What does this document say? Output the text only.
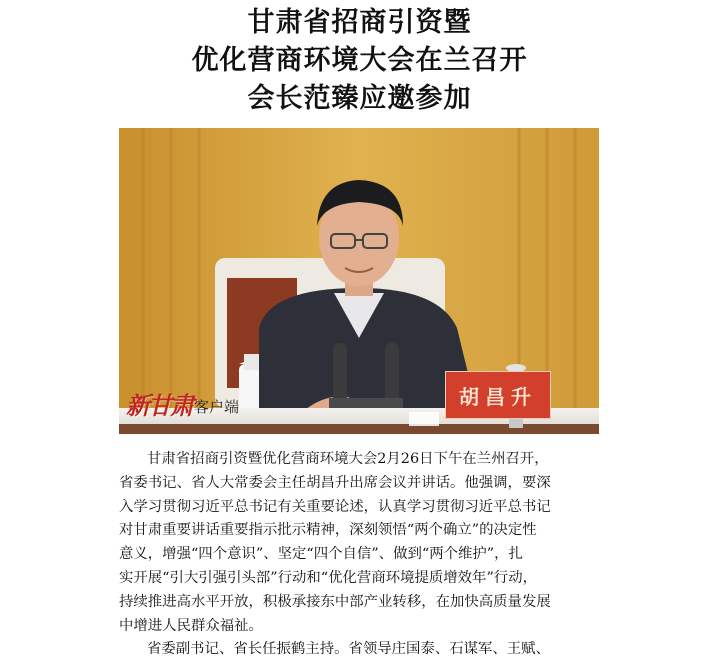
甘肃省招商引资暨
优化营商环境大会在兰召开
会长范臻应邀参加
胡昌升
新甘肃 客户端

甘肃省招商引资暨优化营商环境大会2月26日下午在兰州召开，
省委书记、省人大常委会主任胡昌升出席会议并讲话。他强调，要深
入学习贯彻习近平总书记有关重要论述，认真学习贯彻习近平总书记
对甘肃重要讲话重要指示批示精神，深刻领悟“两个确立”的决定性
意义，增强“四个意识”、坚定“四个自信”、做到“两个维护”，扎
实开展“引大引强引头部”行动和“优化营商环境提质增效年”行动，
持续推进高水平开放，积极承接东中部产业转移，在加快高质量发展
中增进人民群众福祉。

省委副书记、省长任振鹤主持。省领导庄国泰、石谋军、王赋、
